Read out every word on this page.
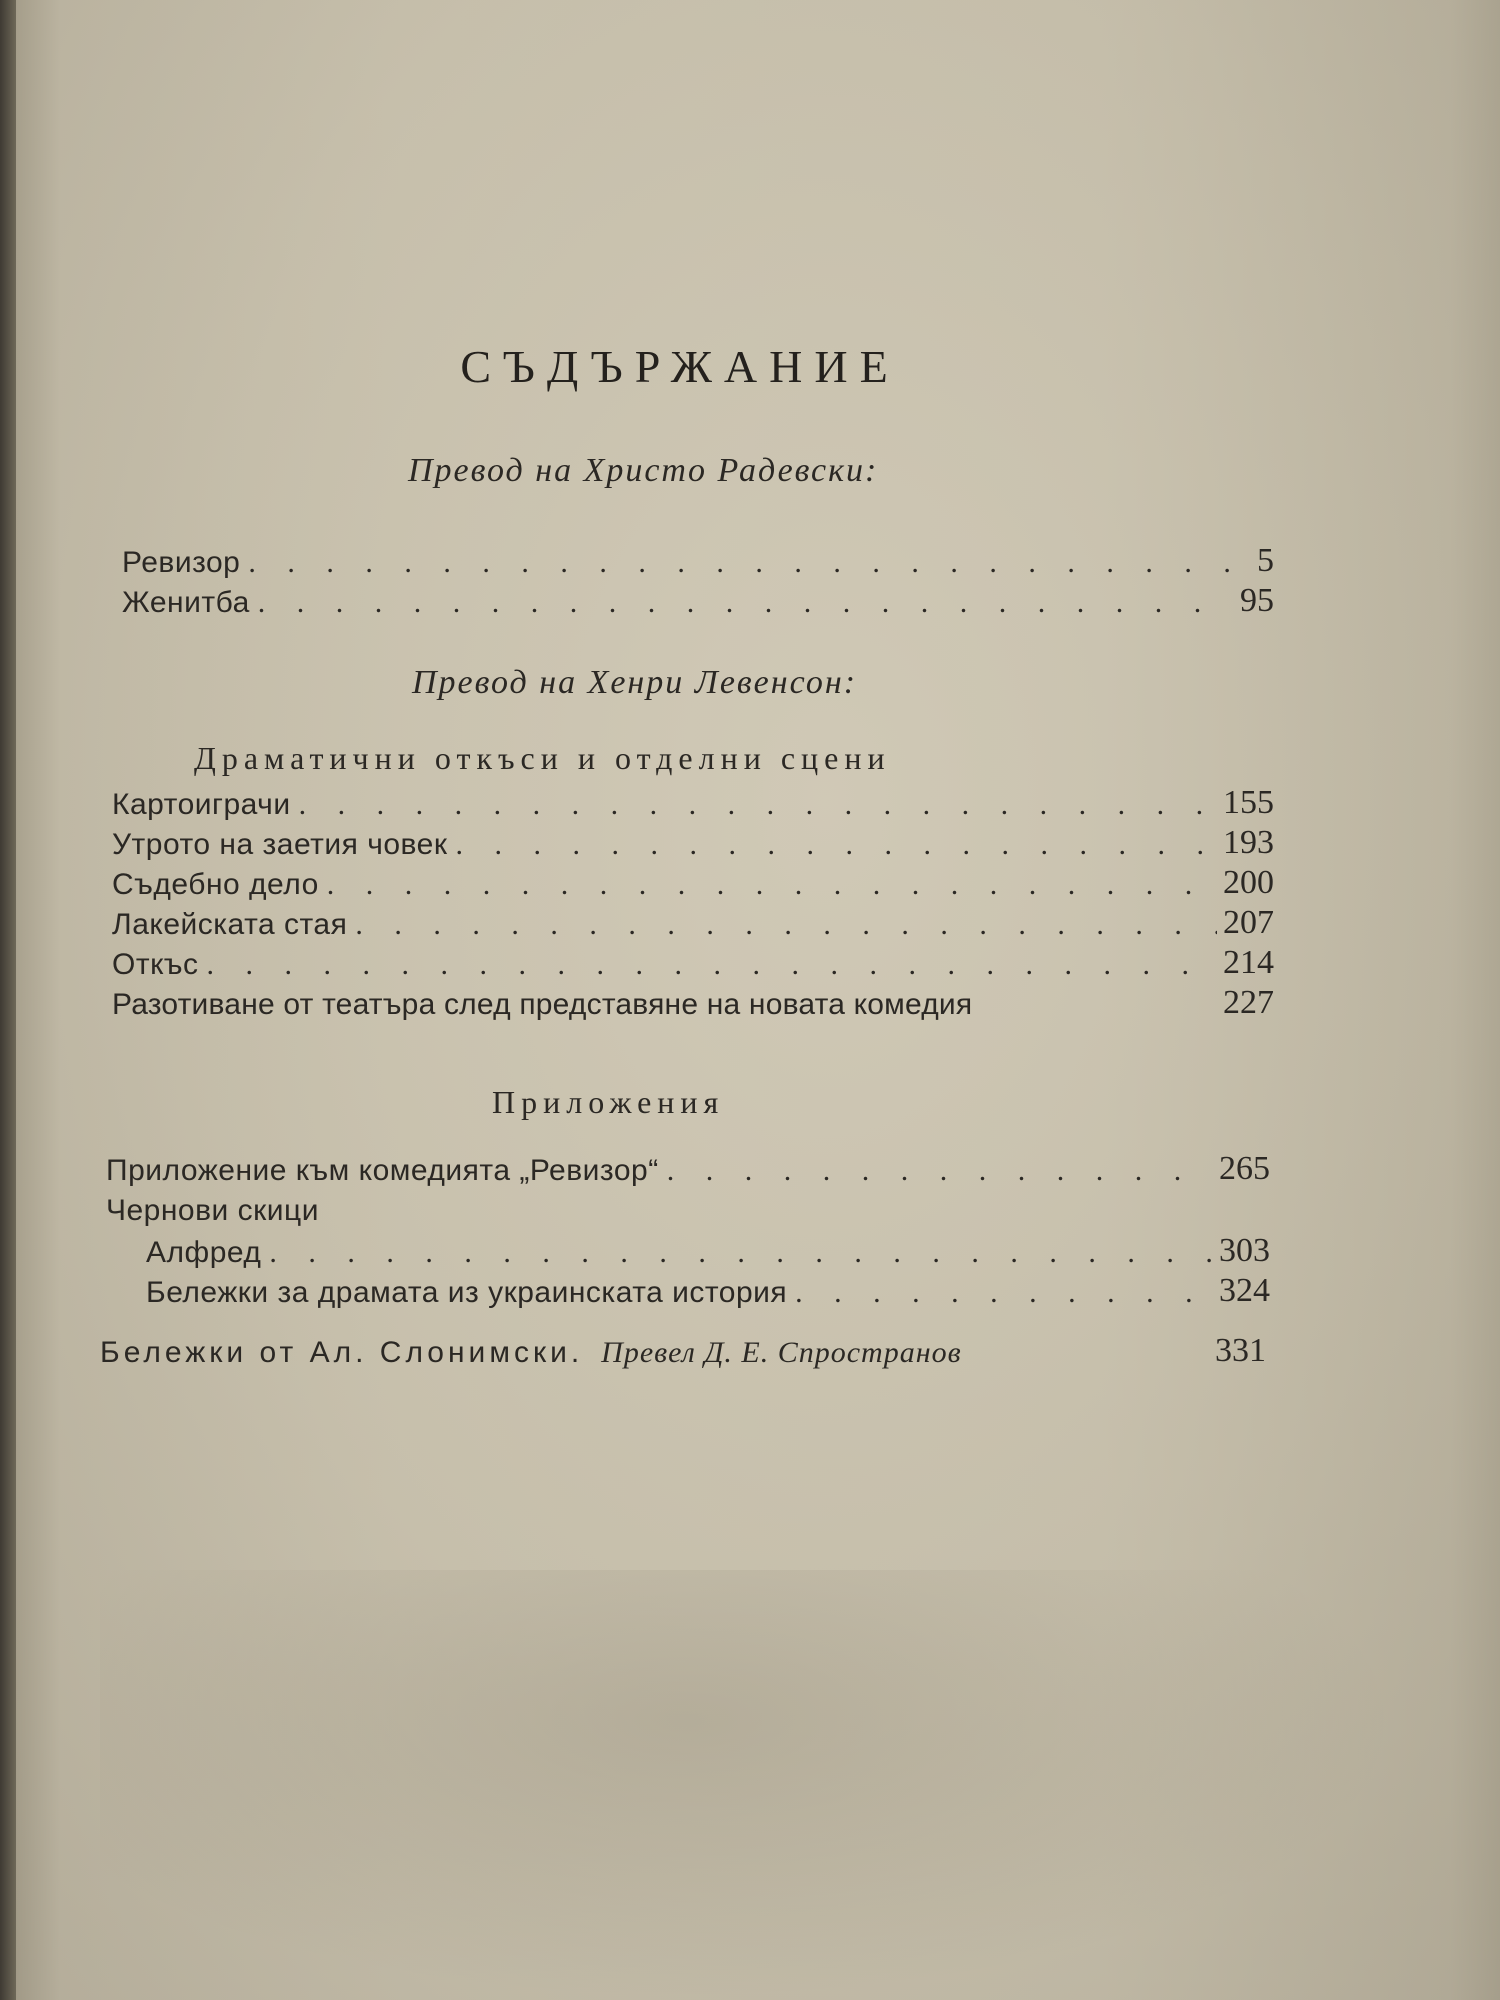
СЪДЪРЖАНИЕ
Превод на Христо Радевски:
Ревизор . . .	5
Женитба . . .	95
Превод на Хенри Левенсон:
Драматични откъси и отделни сцени
Картоиграчи . . .	155
Утрото на заетия човек . . .	193
Съдебно дело . . .	200
Лакейската стая . . .	207
Откъс . . .	214
Разотиване от театъра след представяне на новата комедия	227
Приложения
Приложение към комедията „Ревизор“ . . .	265
Чернови скици
Алфред . . .	303
Бележки за драмата из украинската история . . .	324
Бележки от Ал. Слонимски. Превел Д. Е. Спространов	331
